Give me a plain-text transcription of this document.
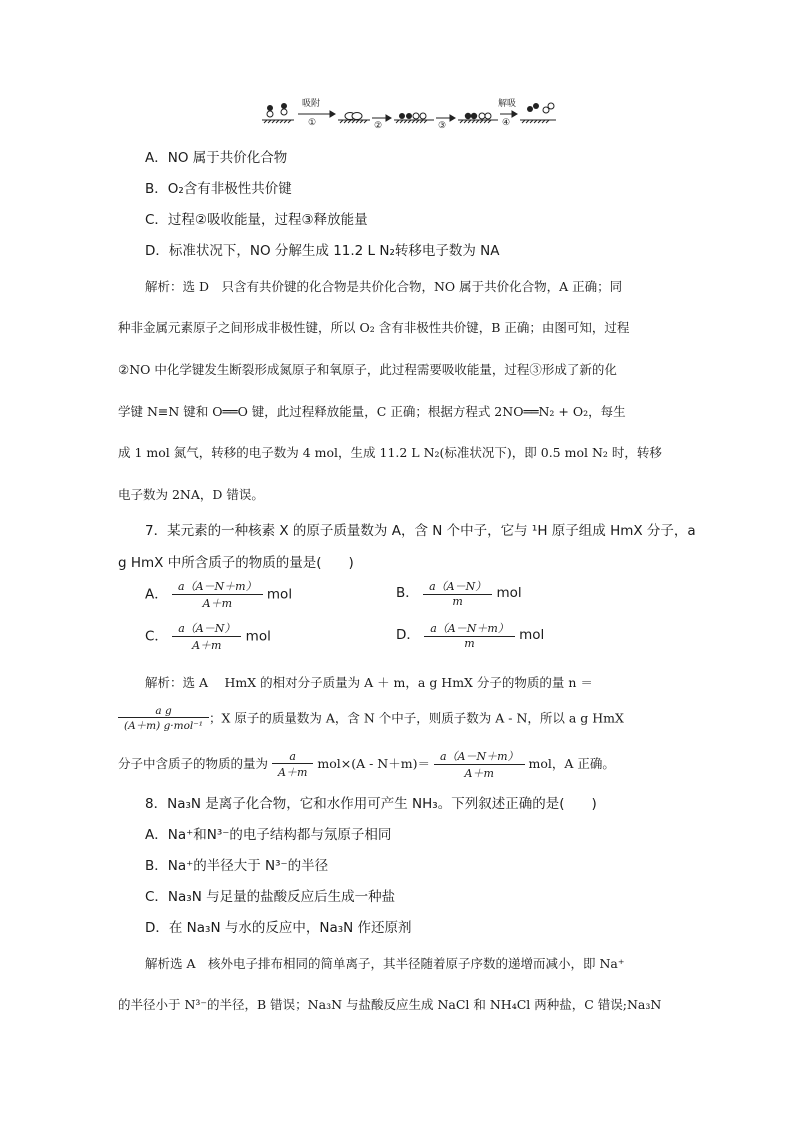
吸附
①	②	③
解吸
④
A．NO 属于共价化合物
B．O₂含有非极性共价键
C．过程②吸收能量，过程③释放能量
D．标准状况下，NO 分解生成 11.2 L N₂转移电子数为 NA
解析：选 D　只含有共价键的化合物是共价化合物，NO 属于共价化合物，A 正确；同
种非金属元素原子之间形成非极性键，所以 O₂ 含有非极性共价键，B 正确；由图可知，过程
②NO 中化学键发生断裂形成氮原子和氧原子，此过程需要吸收能量，过程③形成了新的化
学键 N≡N 键和 O══O 键，此过程释放能量，C 正确；根据方程式 2NO══N₂ + O₂，每生
成 1 mol 氮气，转移的电子数为 4 mol，生成 11.2 L N₂(标准状况下)，即 0.5 mol N₂ 时，转移
电子数为 2NA，D 错误。
7．某元素的一种核素 X 的原子质量数为 A，含 N 个中子，它与 ¹H 原子组成 HmX 分子，a
g HmX 中所含质子的物质的量是(　　)
A． $\frac{a(A-N+m)}{A+m}$ mol	B． $\frac{a(A-N)}{m}$ mol
C． $\frac{a(A-N)}{A+m}$ mol	D． $\frac{a(A-N+m)}{m}$ mol
解析：选 A　 HmX 的相对分子质量为 A ＋ m，a g HmX 分子的物质的量 n ＝
$\frac{\text{a g}}{\text{(A＋m) g·mol⁻¹}}$ ；X 原子的质量数为 A，含 N 个中子，则质子数为 A - N，所以 a g HmX
分子中含质子的物质的量为 $\frac{a}{A+m} mol\times(A - N+m)= \frac{a(A-N+m)}{A+m}$ mol，A 正确。
8．Na₃N 是离子化合物，它和水作用可产生 NH₃。下列叙述正确的是(　　)
A．Na⁺和N³⁻的电子结构都与氖原子相同
B．Na⁺的半径大于 N³⁻的半径
C．Na₃N 与足量的盐酸反应后生成一种盐
D．在 Na₃N 与水的反应中，Na₃N 作还原剂
解析选 A　核外电子排布相同的简单离子，其半径随着原子序数的递增而减小，即 Na⁺
的半径小于 N³⁻的半径，B 错误；Na₃N 与盐酸反应生成 NaCl 和 NH₄Cl 两种盐，C 错误;Na₃N
